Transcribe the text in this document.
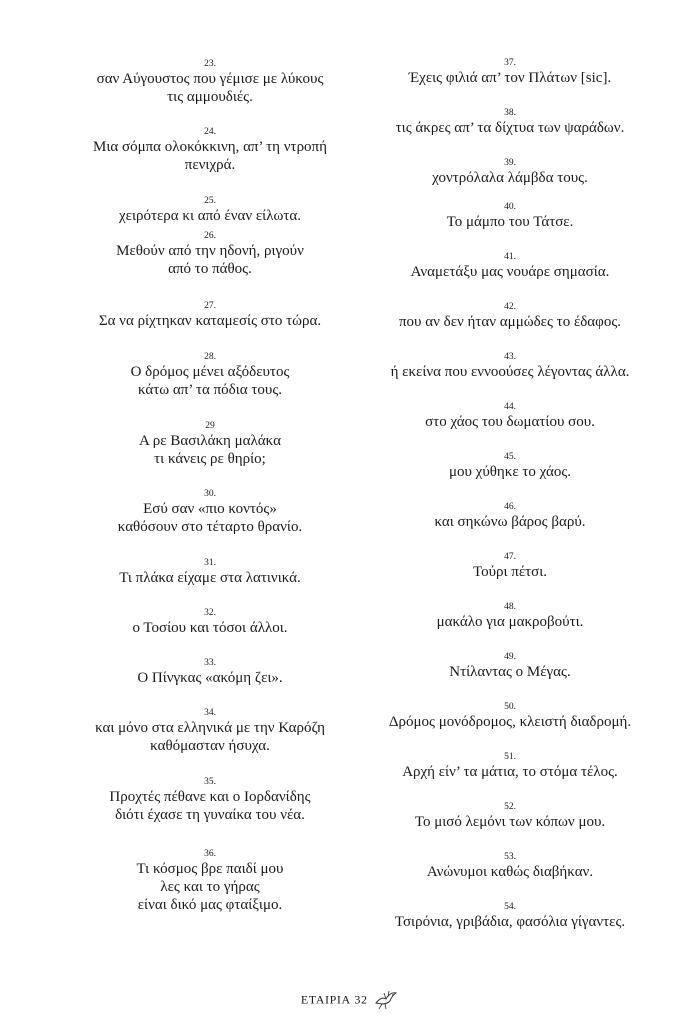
23.
σαν Αύγουστος που γέμισε με λύκους
τις αμμουδιές.
24.
Μια σόμπα ολοκόκκινη, απ’ τη ντροπή
πενιχρά.
25.
χειρότερα κι από έναν είλωτα.
26.
Μεθούν από την ηδονή, ριγούν
από το πάθος.
27.
Σα να ρίχτηκαν καταμεσίς στο τώρα.
28.
Ο δρόμος μένει αξόδευτος
κάτω απ’ τα πόδια τους.
29
Α ρε Βασιλάκη μαλάκα
τι κάνεις ρε θηρίο;
30.
Εσύ σαν «πιο κοντός»
καθόσουν στο τέταρτο θρανίο.
31.
Τι πλάκα είχαμε στα λατινικά.
32.
ο Τοσίου και τόσοι άλλοι.
33.
Ο Πίνγκας «ακόμη ζει».
34.
και μόνο στα ελληνικά με την Καρόζη
καθόμασταν ήσυχα.
35.
Προχτές πέθανε και ο Ιορδανίδης
διότι έχασε τη γυναίκα του νέα.
36.
Τι κόσμος βρε παιδί μου
λες και το γήρας
είναι δικό μας φταίξιμο.
37.
Έχεις φιλιά απ’ τον Πλάτων [sic].
38.
τις άκρες απ’ τα δίχτυα των ψαράδων.
39.
χοντρόλαλα λάμβδα τους.
40.
Το μάμπο του Τάτσε.
41.
Αναμετάξυ μας νουάρε σημασία.
42.
που αν δεν ήταν αμμώδες το έδαφος.
43.
ή εκείνα που εννοούσες λέγοντας άλλα.
44.
στο χάος του δωματίου σου.
45.
μου χύθηκε το χάος.
46.
και σηκώνω βάρος βαρύ.
47.
Τούρι πέτσι.
48.
μακάλο για μακροβούτι.
49.
Ντίλαντας ο Μέγας.
50.
Δρόμος μονόδρομος, κλειστή διαδρομή.
51.
Αρχή είν’ τα μάτια, το στόμα τέλος.
52.
Το μισό λεμόνι των κόπων μου.
53.
Ανώνυμοι καθώς διαβήκαν.
54.
Τσιρόνια, γριβάδια, φασόλια γίγαντες.
ΕΤΑΙΡΙΑ 32
